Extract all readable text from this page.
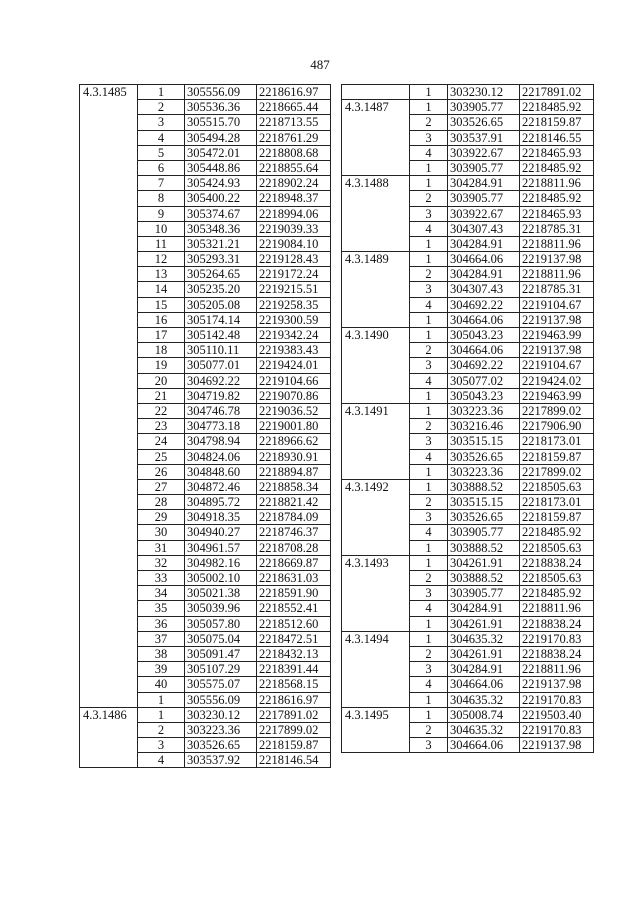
487
4.3.1485	1	305556.09	2218616.97
	2	305536.36	2218665.44
	3	305515.70	2218713.55
	4	305494.28	2218761.29
	5	305472.01	2218808.68
	6	305448.86	2218855.64
	7	305424.93	2218902.24
	8	305400.22	2218948.37
	9	305374.67	2218994.06
	10	305348.36	2219039.33
	11	305321.21	2219084.10
	12	305293.31	2219128.43
	13	305264.65	2219172.24
	14	305235.20	2219215.51
	15	305205.08	2219258.35
	16	305174.14	2219300.59
	17	305142.48	2219342.24
	18	305110.11	2219383.43
	19	305077.01	2219424.01
	20	304692.22	2219104.66
	21	304719.82	2219070.86
	22	304746.78	2219036.52
	23	304773.18	2219001.80
	24	304798.94	2218966.62
	25	304824.06	2218930.91
	26	304848.60	2218894.87
	27	304872.46	2218858.34
	28	304895.72	2218821.42
	29	304918.35	2218784.09
	30	304940.27	2218746.37
	31	304961.57	2218708.28
	32	304982.16	2218669.87
	33	305002.10	2218631.03
	34	305021.38	2218591.90
	35	305039.96	2218552.41
	36	305057.80	2218512.60
	37	305075.04	2218472.51
	38	305091.47	2218432.13
	39	305107.29	2218391.44
	40	305575.07	2218568.15
	1	305556.09	2218616.97
4.3.1486	1	303230.12	2217891.02
	2	303223.36	2217899.02
	3	303526.65	2218159.87
	4	303537.92	2218146.54
	1	303230.12	2217891.02
4.3.1487	1	303905.77	2218485.92
	2	303526.65	2218159.87
	3	303537.91	2218146.55
	4	303922.67	2218465.93
	1	303905.77	2218485.92
4.3.1488	1	304284.91	2218811.96
	2	303905.77	2218485.92
	3	303922.67	2218465.93
	4	304307.43	2218785.31
	1	304284.91	2218811.96
4.3.1489	1	304664.06	2219137.98
	2	304284.91	2218811.96
	3	304307.43	2218785.31
	4	304692.22	2219104.67
	1	304664.06	2219137.98
4.3.1490	1	305043.23	2219463.99
	2	304664.06	2219137.98
	3	304692.22	2219104.67
	4	305077.02	2219424.02
	1	305043.23	2219463.99
4.3.1491	1	303223.36	2217899.02
	2	303216.46	2217906.90
	3	303515.15	2218173.01
	4	303526.65	2218159.87
	1	303223.36	2217899.02
4.3.1492	1	303888.52	2218505.63
	2	303515.15	2218173.01
	3	303526.65	2218159.87
	4	303905.77	2218485.92
	1	303888.52	2218505.63
4.3.1493	1	304261.91	2218838.24
	2	303888.52	2218505.63
	3	303905.77	2218485.92
	4	304284.91	2218811.96
	1	304261.91	2218838.24
4.3.1494	1	304635.32	2219170.83
	2	304261.91	2218838.24
	3	304284.91	2218811.96
	4	304664.06	2219137.98
	1	304635.32	2219170.83
4.3.1495	1	305008.74	2219503.40
	2	304635.32	2219170.83
	3	304664.06	2219137.98
